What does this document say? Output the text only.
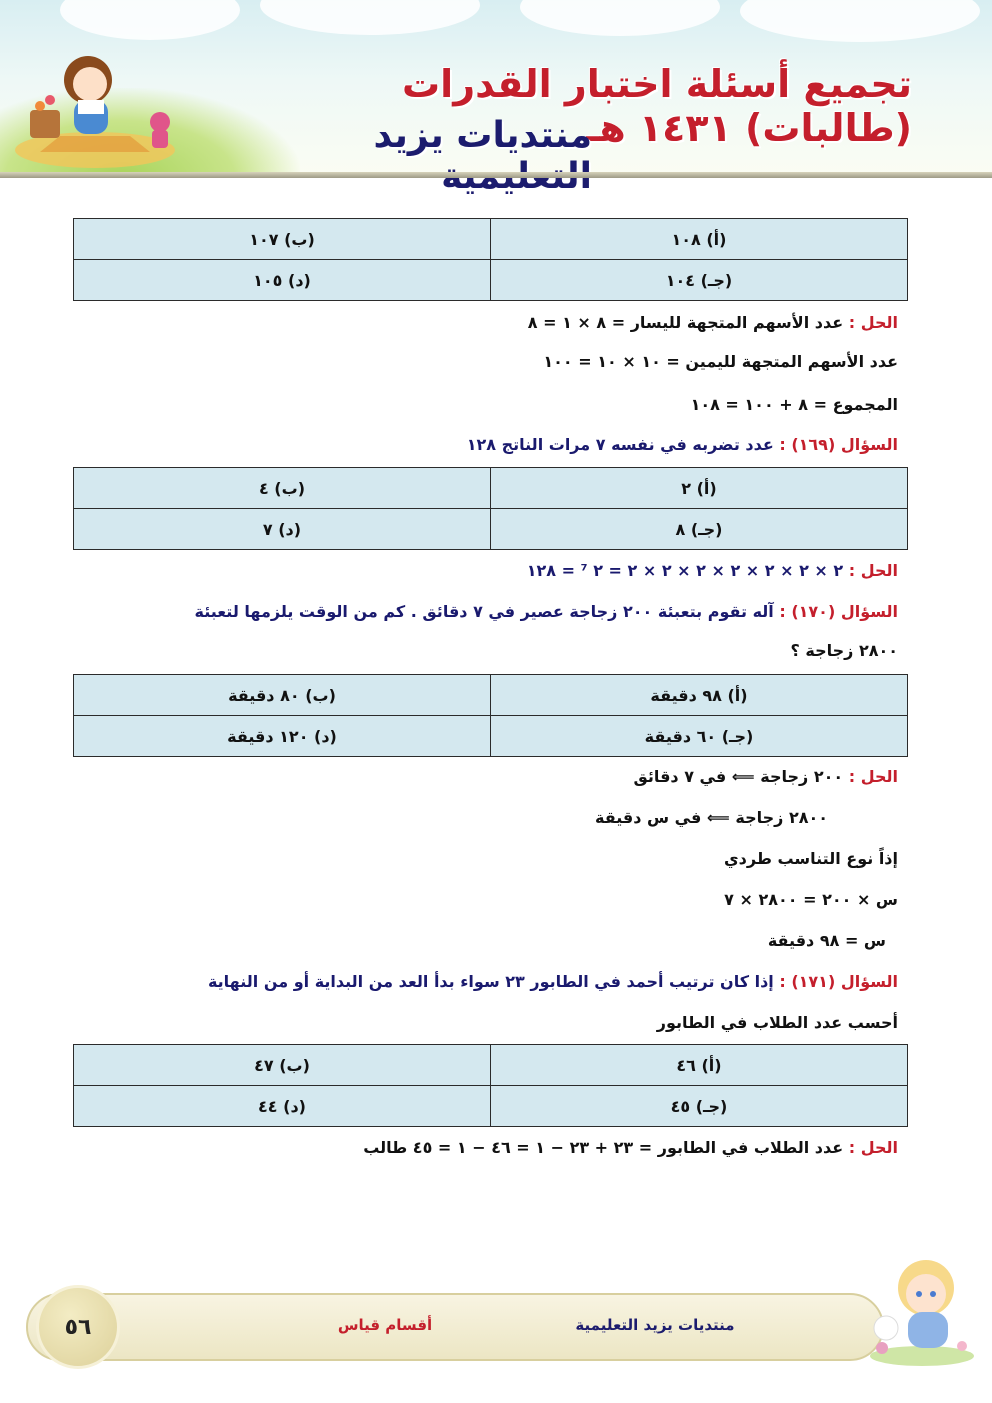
تجميع أسئلة اختبار القدرات (طالبات) ١٤٣١ هـ
منتديات يزيد
(أ) ١٠٨	(ب) ١٠٧
(جـ) ١٠٤	(د) ١٠٥
الحل : عدد الأسهم المتجهة لليسار = ٨ × ١ = ٨
عدد الأسهم المتجهة لليمين = ١٠ × ١٠ = ١٠٠
المجموع = ٨ + ١٠٠ = ١٠٨
السؤال (١٦٩) : عدد تضربه في نفسه ٧ مرات الناتج ١٢٨
(أ) ٢	(ب) ٤
(جـ) ٨	(د) ٧
الحل : ٢ × ٢ × ٢ × ٢ × ٢ × ٢ × ٢ = ٢ ⁷ = ١٢٨
السؤال (١٧٠) : آله تقوم بتعبئة ٢٠٠ زجاجة عصير في ٧ دقائق . كم من الوقت يلزمها لتعبئة
٢٨٠٠ زجاجة ؟
(أ) ٩٨ دقيقة	(ب) ٨٠ دقيقة
(جـ) ٦٠ دقيقة	(د) ١٢٠ دقيقة
الحل : ٢٠٠ زجاجة ⟸ في ٧ دقائق
٢٨٠٠ زجاجة ⟸ في س دقيقة
إذاً نوع التناسب طردي
س × ٢٠٠ = ٢٨٠٠ × ٧
س = ٩٨ دقيقة
السؤال (١٧١) : إذا كان ترتيب أحمد في الطابور ٢٣ سواء بدأ العد من البداية أو من النهاية
أحسب عدد الطلاب في الطابور
(أ) ٤٦	(ب) ٤٧
(جـ) ٤٥	(د) ٤٤
الحل : عدد الطلاب في الطابور = ٢٣ + ٢٣ − ١ = ٤٦ − ١ = ٤٥ طالب
٥٦	أقسام قياس	منتديات يزيد التعليمية
